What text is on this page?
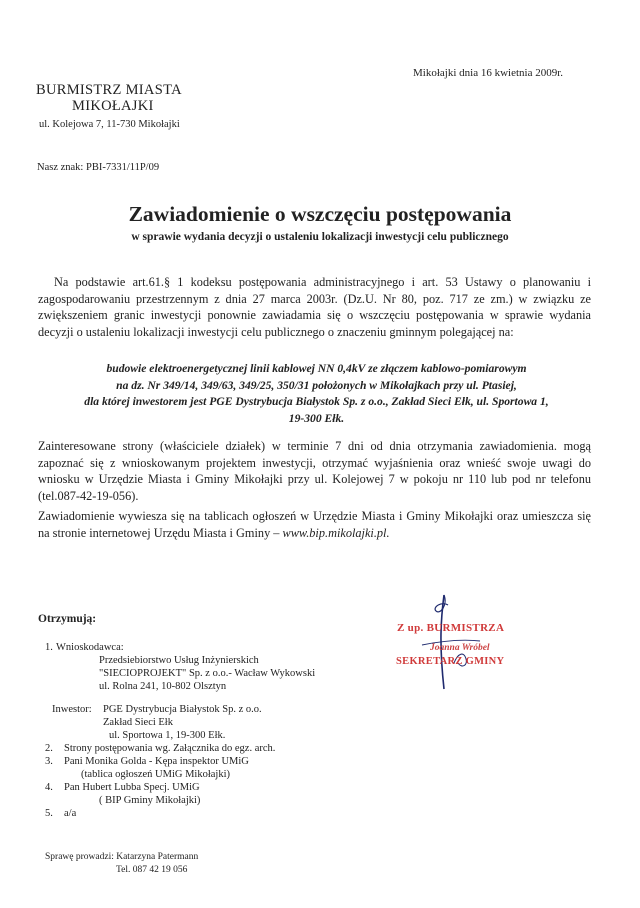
Mikołajki dnia 16 kwietnia 2009r.
BURMISTRZ MIASTA
MIKOŁAJKI
ul. Kolejowa 7, 11-730 Mikołajki
Nasz znak: PBI-7331/11P/09
Zawiadomienie o wszczęciu postępowania
w sprawie wydania decyzji o ustaleniu lokalizacji inwestycji celu publicznego
Na podstawie art.61.§ 1 kodeksu postępowania administracyjnego i art. 53 Ustawy o planowaniu i zagospodarowaniu przestrzennym z dnia 27 marca 2003r. (Dz.U. Nr 80, poz. 717 ze zm.) w związku ze zwiększeniem granic inwestycji ponownie zawiadamia się o wszczęciu postępowania w sprawie wydania decyzji o ustaleniu lokalizacji inwestycji celu publicznego o znaczeniu gminnym polegającej na:
budowie elektroenergetycznej linii kablowej NN 0,4kV ze złączem kablowo-pomiarowym
na dz. Nr 349/14, 349/63, 349/25, 350/31 położonych w Mikołajkach przy ul. Ptasiej,
dla której inwestorem jest PGE Dystrybucja Białystok Sp. z o.o., Zakład Sieci Ełk, ul. Sportowa 1,
19-300 Ełk.
Zainteresowane strony (właściciele działek) w terminie 7 dni od dnia otrzymania zawiadomienia. mogą zapoznać się z wnioskowanym projektem inwestycji, otrzymać wyjaśnienia oraz wnieść swoje uwagi do wniosku w Urzędzie Miasta i Gminy Mikołajki przy ul. Kolejowej 7 w pokoju nr 110 lub pod nr telefonu (tel.087-42-19-056).
Zawiadomienie wywiesza się na tablicach ogłoszeń w Urzędzie Miasta i Gminy Mikołajki oraz umieszcza się na stronie internetowej Urzędu Miasta i Gminy – www.bip.mikolajki.pl.
Otrzymują:
1. Wnioskodawca:
Przedsiebiorstwo Usług Inżynierskich
"SIECIOPROJEKT" Sp. z o.o.- Wacław Wykowski
ul. Rolna 241, 10-802 Olsztyn
Inwestor: PGE Dystrybucja Białystok Sp. z o.o.
Zakład Sieci Ełk
ul. Sportowa 1, 19-300 Ełk.
2. Strony postępowania wg. Załącznika do egz. arch.
3. Pani Monika Golda - Kępa inspektor UMiG
(tablica ogłoszeń UMiG Mikołajki)
4. Pan Hubert Lubba Specj. UMiG
( BIP Gminy Mikołajki)
5. a/a
Z up. BURMISTRZA
Joanna Wróbel
SEKRETARZ GMINY
Sprawę prowadzi: Katarzyna Patermann
Tel. 087 42 19 056
